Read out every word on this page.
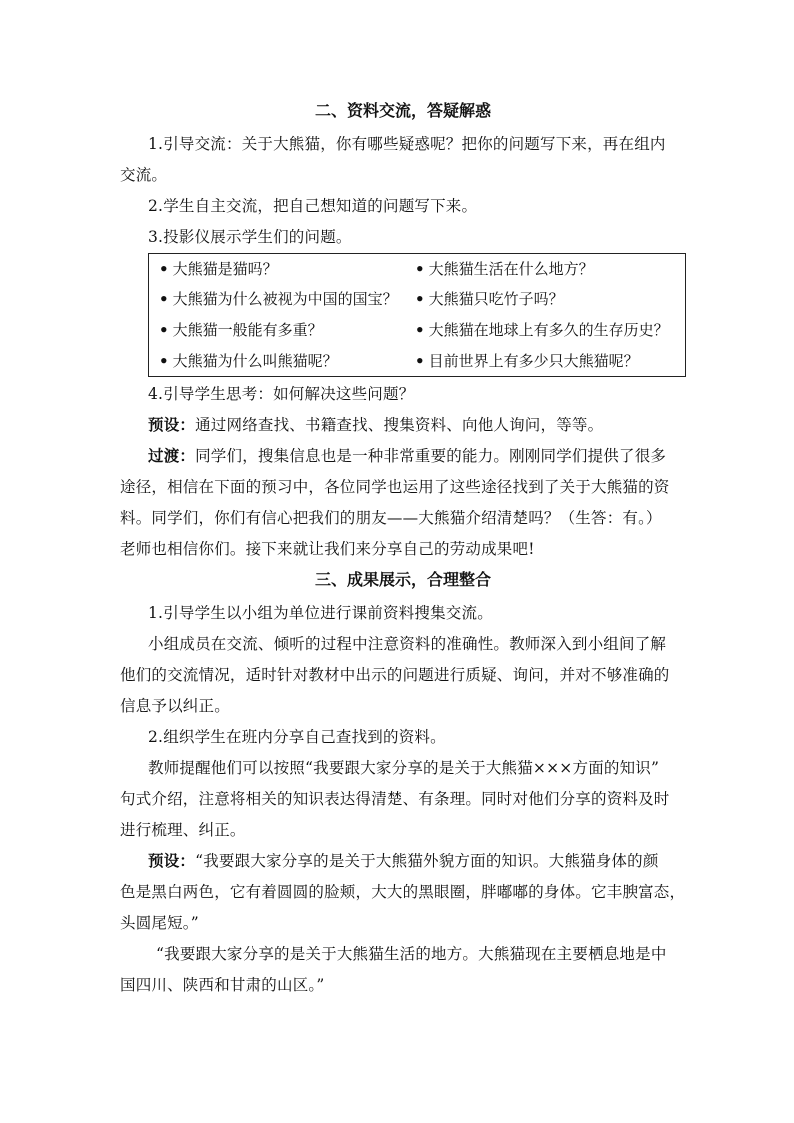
二、资料交流，答疑解惑
1.引导交流：关于大熊猫，你有哪些疑惑呢？把你的问题写下来，再在组内
交流。
2.学生自主交流，把自己想知道的问题写下来。
3.投影仪展示学生们的问题。
• 大熊猫是猫吗？	• 大熊猫生活在什么地方？
• 大熊猫为什么被视为中国的国宝？ • 大熊猫只吃竹子吗？
• 大熊猫一般能有多重？	• 大熊猫在地球上有多久的生存历史？
• 大熊猫为什么叫熊猫呢？	• 目前世界上有多少只大熊猫呢？
4.引导学生思考：如何解决这些问题？
预设：通过网络查找、书籍查找、搜集资料、向他人询问，等等。
过渡：同学们，搜集信息也是一种非常重要的能力。刚刚同学们提供了很多
途径，相信在下面的预习中，各位同学也运用了这些途径找到了关于大熊猫的资
料。同学们，你们有信心把我们的朋友——大熊猫介绍清楚吗？（生答：有。）
老师也相信你们。接下来就让我们来分享自己的劳动成果吧!
三、成果展示，合理整合
1.引导学生以小组为单位进行课前资料搜集交流。
小组成员在交流、倾听的过程中注意资料的准确性。教师深入到小组间了解
他们的交流情况，适时针对教材中出示的问题进行质疑、询问，并对不够准确的
信息予以纠正。
2.组织学生在班内分享自己查找到的资料。
教师提醒他们可以按照“我要跟大家分享的是关于大熊猫×××方面的知识”
句式介绍，注意将相关的知识表达得清楚、有条理。同时对他们分享的资料及时
进行梳理、纠正。
预设：“我要跟大家分享的是关于大熊猫外貌方面的知识。大熊猫身体的颜
色是黑白两色，它有着圆圆的脸颊，大大的黑眼圈，胖嘟嘟的身体。它丰腴富态，
头圆尾短。”
“我要跟大家分享的是关于大熊猫生活的地方。大熊猫现在主要栖息地是中
国四川、陕西和甘肃的山区。”
